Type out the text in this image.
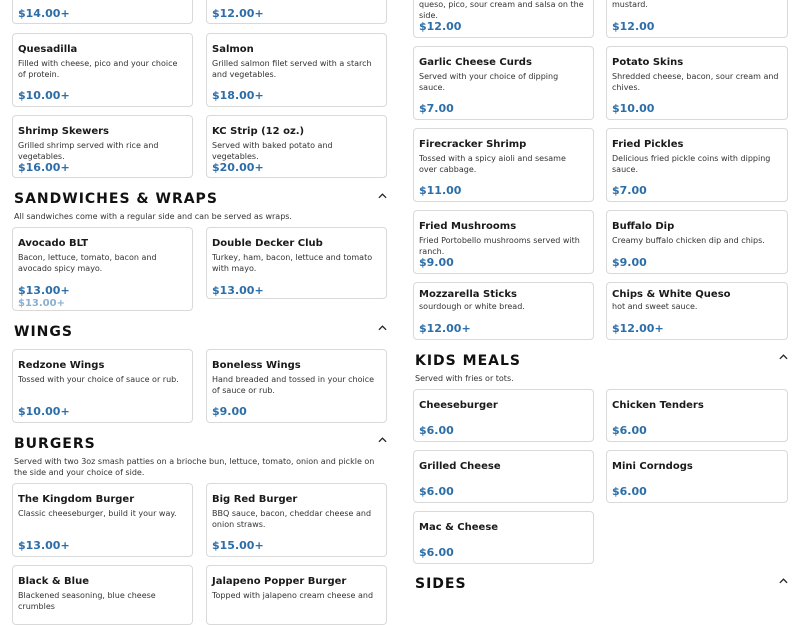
$14.00+	$12.00+
Quesadilla
Filled with cheese, pico and your choice of protein.
$10.00+
Salmon
Grilled salmon filet served with a starch and vegetables.
$18.00+
Shrimp Skewers
Grilled shrimp served with rice and vegetables.
$16.00+
KC Strip (12 oz.)
Served with baked potato and vegetables.
$20.00+
SANDWICHES & WRAPS
All sandwiches come with a regular side and can be served as wraps.
Avocado BLT
Bacon, lettuce, tomato, bacon and avocado spicy mayo.
$13.00+
$13.00+
Double Decker Club
Turkey, ham, bacon, lettuce and tomato with mayo.
$13.00+
WINGS
Redzone Wings
Tossed with your choice of sauce or rub.
$10.00+
Boneless Wings
Hand breaded and tossed in your choice of sauce or rub.
$9.00
BURGERS
Served with two 3oz smash patties on a brioche bun, lettuce, tomato, onion and pickle on the side and your choice of side.
The Kingdom Burger
Classic cheeseburger, build it your way.
$13.00+
Big Red Burger
BBQ sauce, bacon, cheddar cheese and onion straws.
$15.00+
Black & Blue
Blackened seasoning, blue cheese crumbles
Jalapeno Popper Burger
Topped with jalapeno cream cheese and
queso, pico, sour cream and salsa on the side.
$12.00
mustard.
$12.00
Garlic Cheese Curds
Served with your choice of dipping sauce.
$7.00
Potato Skins
Shredded cheese, bacon, sour cream and chives.
$10.00
Firecracker Shrimp
Tossed with a spicy aioli and sesame over cabbage.
$11.00
Fried Pickles
Delicious fried pickle coins with dipping sauce.
$7.00
Fried Mushrooms
Fried Portobello mushrooms served with ranch.
$9.00
Buffalo Dip
Creamy buffalo chicken dip and chips.
$9.00
Mozzarella Sticks
sourdough or white bread.
$12.00+
Chips & White Queso
hot and sweet sauce.
$12.00+
KIDS MEALS
Served with fries or tots.
Cheeseburger
$6.00
Chicken Tenders
$6.00
Grilled Cheese
$6.00
Mini Corndogs
$6.00
Mac & Cheese
$6.00
SIDES
